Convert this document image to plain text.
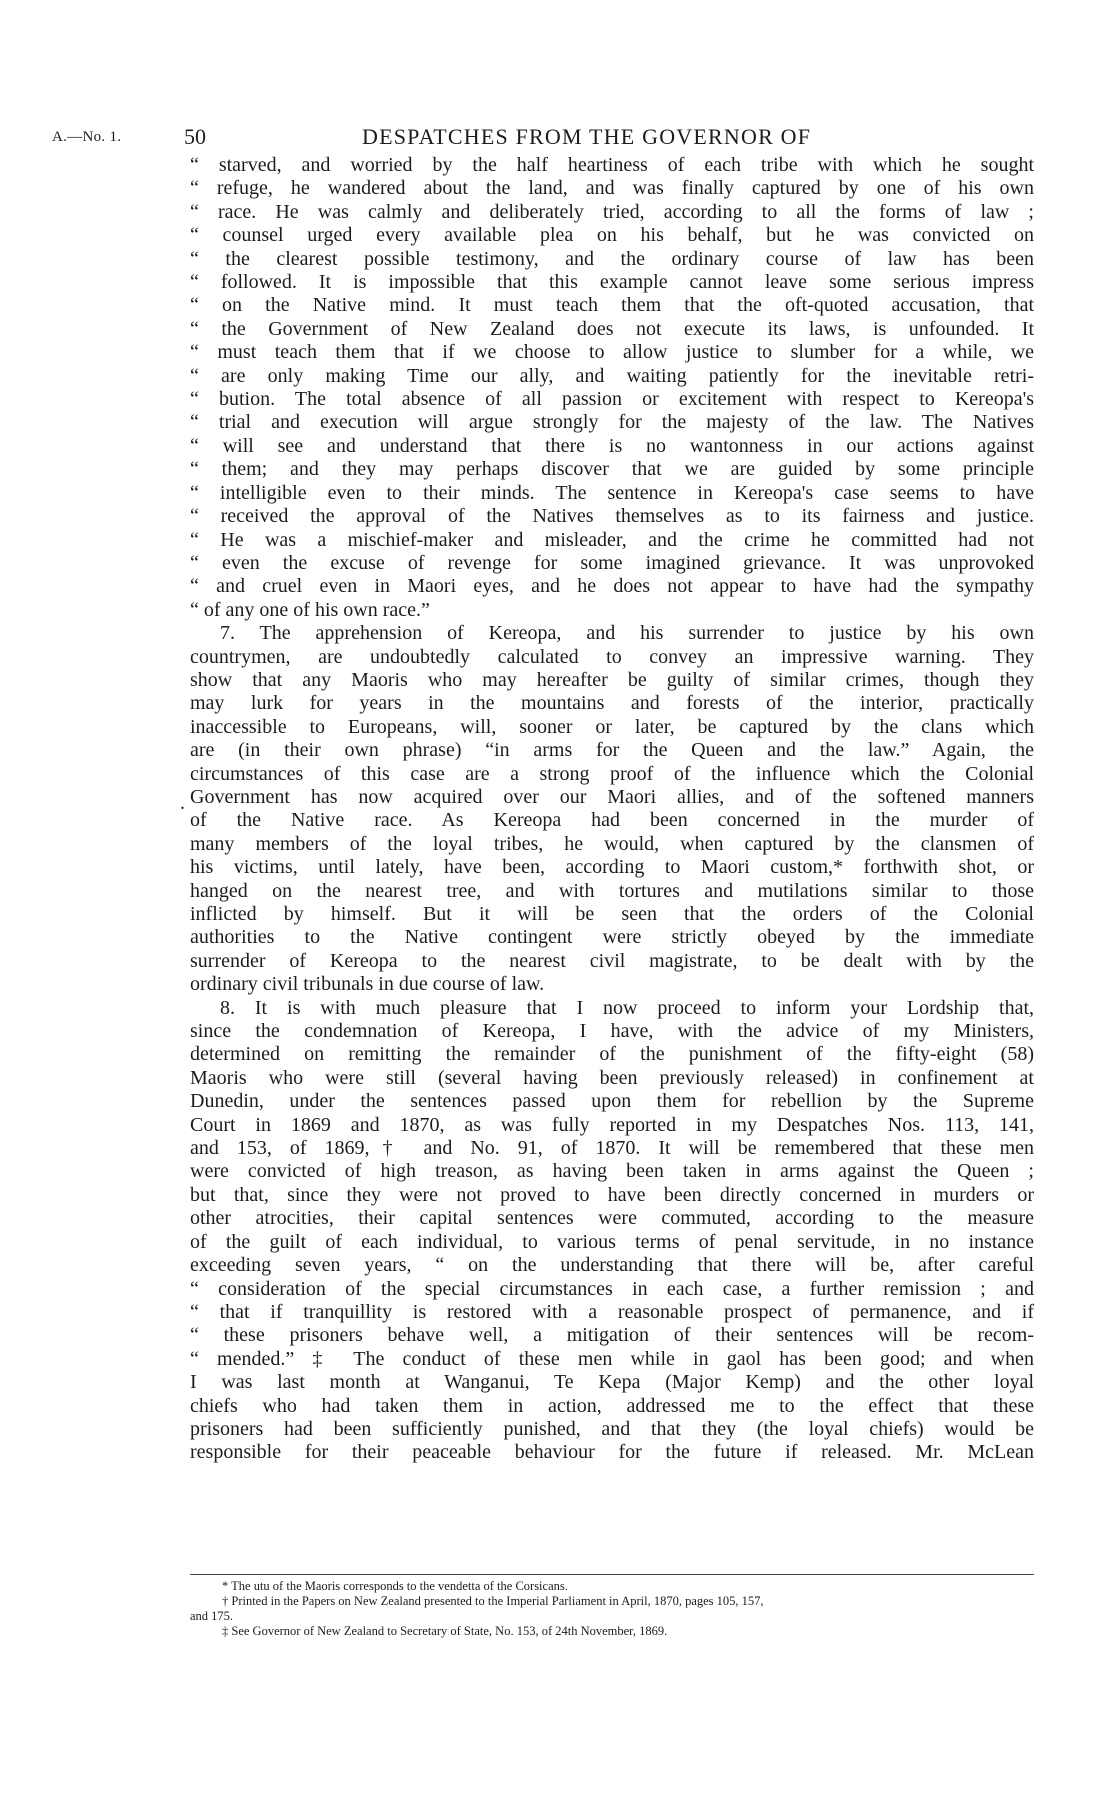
A.—No. 1.	50	DESPATCHES FROM THE GOVERNOR OF
.
“ starved, and worried by the half heartiness of each tribe with which he sought
“ refuge, he wandered about the land, and was finally captured by one of his own
“ race. He was calmly and deliberately tried, according to all the forms of law ;
“ counsel urged every available plea on his behalf, but he was convicted on
“ the clearest possible testimony, and the ordinary course of law has been
“ followed. It is impossible that this example cannot leave some serious impress
“ on the Native mind. It must teach them that the oft-quoted accusation, that
“ the Government of New Zealand does not execute its laws, is unfounded. It
“ must teach them that if we choose to allow justice to slumber for a while, we
“ are only making Time our ally, and waiting patiently for the inevitable retri-
“ bution. The total absence of all passion or excitement with respect to Kereopa's
“ trial and execution will argue strongly for the majesty of the law. The Natives
“ will see and understand that there is no wantonness in our actions against
“ them; and they may perhaps discover that we are guided by some principle
“ intelligible even to their minds. The sentence in Kereopa's case seems to have
“ received the approval of the Natives themselves as to its fairness and justice.
“ He was a mischief-maker and misleader, and the crime he committed had not
“ even the excuse of revenge for some imagined grievance. It was unprovoked
“ and cruel even in Maori eyes, and he does not appear to have had the sympathy
“ of any one of his own race.”
7. The apprehension of Kereopa, and his surrender to justice by his own
countrymen, are undoubtedly calculated to convey an impressive warning. They
show that any Maoris who may hereafter be guilty of similar crimes, though they
may lurk for years in the mountains and forests of the interior, practically
inaccessible to Europeans, will, sooner or later, be captured by the clans which
are (in their own phrase) “in arms for the Queen and the law.” Again, the
circumstances of this case are a strong proof of the influence which the Colonial
Government has now acquired over our Maori allies, and of the softened manners
of the Native race. As Kereopa had been concerned in the murder of
many members of the loyal tribes, he would, when captured by the clansmen of
his victims, until lately, have been, according to Maori custom,* forthwith shot, or
hanged on the nearest tree, and with tortures and mutilations similar to those
inflicted by himself. But it will be seen that the orders of the Colonial
authorities to the Native contingent were strictly obeyed by the immediate
surrender of Kereopa to the nearest civil magistrate, to be dealt with by the
ordinary civil tribunals in due course of law.
8. It is with much pleasure that I now proceed to inform your Lordship that,
since the condemnation of Kereopa, I have, with the advice of my Ministers,
determined on remitting the remainder of the punishment of the fifty-eight (58)
Maoris who were still (several having been previously released) in confinement at
Dunedin, under the sentences passed upon them for rebellion by the Supreme
Court in 1869 and 1870, as was fully reported in my Despatches Nos. 113, 141,
and 153, of 1869,† and No. 91, of 1870. It will be remembered that these men
were convicted of high treason, as having been taken in arms against the Queen ;
but that, since they were not proved to have been directly concerned in murders or
other atrocities, their capital sentences were commuted, according to the measure
of the guilt of each individual, to various terms of penal servitude, in no instance
exceeding seven years, “ on the understanding that there will be, after careful
“ consideration of the special circumstances in each case, a further remission ; and
“ that if tranquillity is restored with a reasonable prospect of permanence, and if
“ these prisoners behave well, a mitigation of their sentences will be recom-
“ mended.” ‡ The conduct of these men while in gaol has been good; and when
I was last month at Wanganui, Te Kepa (Major Kemp) and the other loyal
chiefs who had taken them in action, addressed me to the effect that these
prisoners had been sufficiently punished, and that they (the loyal chiefs) would be
responsible for their peaceable behaviour for the future if released. Mr. McLean

* The utu of the Maoris corresponds to the vendetta of the Corsicans.

† Printed in the Papers on New Zealand presented to the Imperial Parliament in April, 1870, pages 105, 157,

and 175.

‡ See Governor of New Zealand to Secretary of State, No. 153, of 24th November, 1869.
